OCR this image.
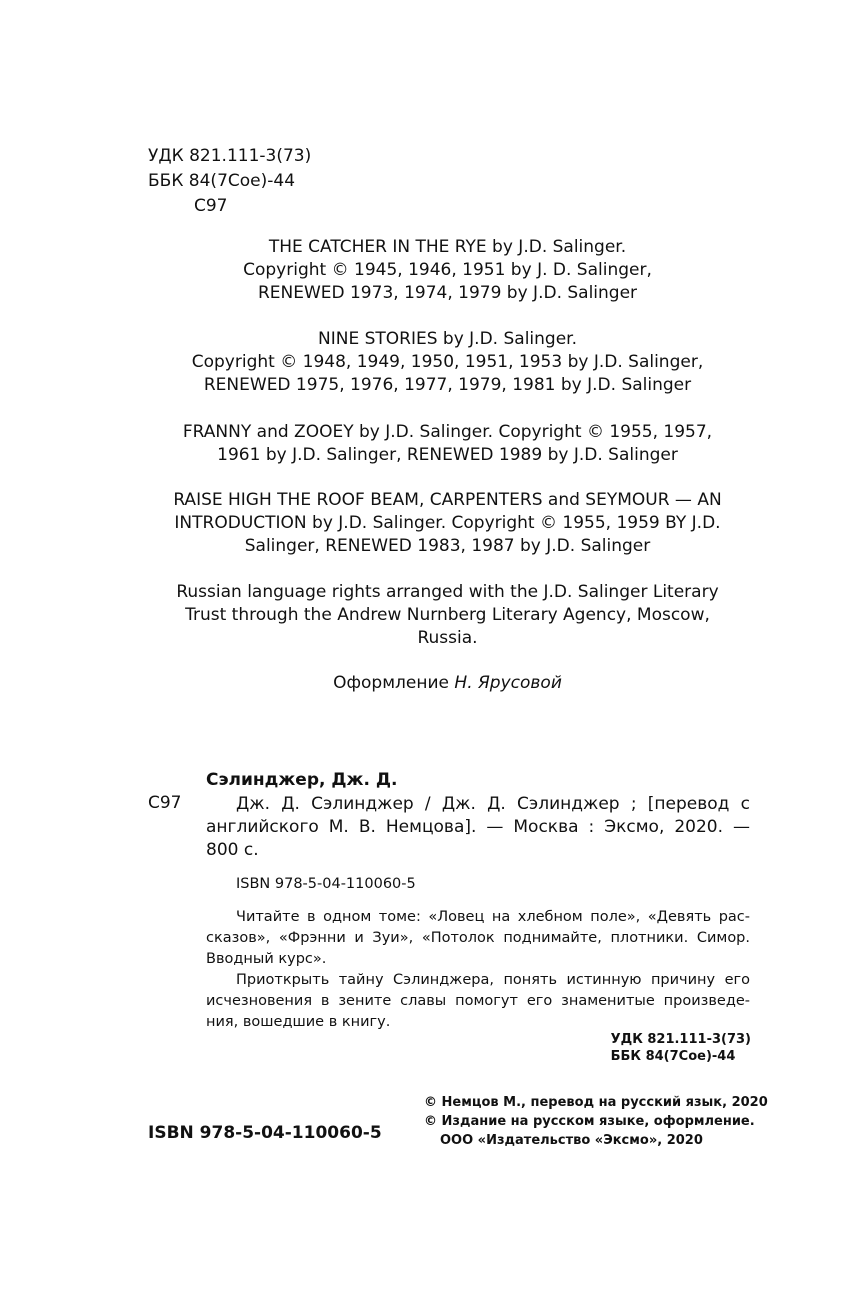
УДК 821.111-3(73)
ББК 84(7Сое)-44
С97
THE CATCHER IN THE RYE by J.D. Salinger.
Copyright © 1945, 1946, 1951 by J. D. Salinger,
RENEWED 1973, 1974, 1979 by J.D. Salinger
NINE STORIES by J.D. Salinger.
Copyright © 1948, 1949, 1950, 1951, 1953 by J.D. Salinger,
RENEWED 1975, 1976, 1977, 1979, 1981 by J.D. Salinger
FRANNY and ZOOEY by J.D. Salinger. Copyright © 1955, 1957,
1961 by J.D. Salinger, RENEWED 1989 by J.D. Salinger
RAISE HIGH THE ROOF BEAM, CARPENTERS and SEYMOUR — AN
INTRODUCTION by J.D. Salinger. Copyright © 1955, 1959 BY J.D.
Salinger, RENEWED 1983, 1987 by J.D. Salinger
Russian language rights arranged with the J.D. Salinger Literary
Trust through the Andrew Nurnberg Literary Agency, Moscow,
Russia.
Оформление Н. Ярусовой
Сэлинджер, Дж. Д.
С97	Дж. Д. Сэлинджер / Дж. Д. Сэлинджер ; [перевод с
английского М. В. Немцова]. — Москва : Эксмо, 2020. —
800 с.
ISBN 978-5-04-110060-5
Читайте в одном томе: «Ловец на хлебном поле», «Девять рас-
сказов», «Фрэнни и Зуи», «Потолок поднимайте, плотники. Симор.
Вводный курс».
Приоткрыть тайну Сэлинджера, понять истинную причину его
исчезновения в зените славы помогут его знаменитые произведе-
ния, вошедшие в книгу.
УДК 821.111-3(73)
ББК 84(7Сое)-44
© Немцов М., перевод на русский язык, 2020
© Издание на русском языке, оформление.
ООО «Издательство «Эксмо», 2020
ISBN 978-5-04-110060-5
